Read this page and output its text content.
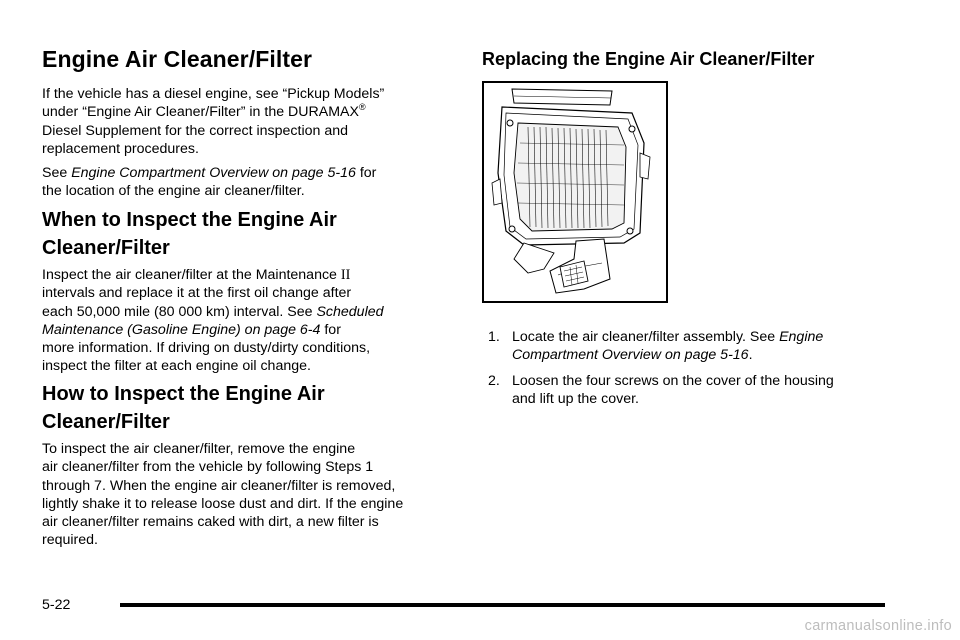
Engine Air Cleaner/Filter
If the vehicle has a diesel engine, see “Pickup Models”
under “Engine Air Cleaner/Filter” in the DURAMAX®
Diesel Supplement for the correct inspection and
replacement procedures.
See Engine Compartment Overview on page 5-16 for
the location of the engine air cleaner/filter.
When to Inspect the Engine Air
Cleaner/Filter
Inspect the air cleaner/filter at the Maintenance II
intervals and replace it at the first oil change after
each 50,000 mile (80 000 km) interval. See Scheduled
Maintenance (Gasoline Engine) on page 6-4 for
more information. If driving on dusty/dirty conditions,
inspect the filter at each engine oil change.
How to Inspect the Engine Air
Cleaner/Filter
To inspect the air cleaner/filter, remove the engine
air cleaner/filter from the vehicle by following Steps 1
through 7. When the engine air cleaner/filter is removed,
lightly shake it to release loose dust and dirt. If the engine
air cleaner/filter remains caked with dirt, a new filter is
required.
Replacing the Engine Air Cleaner/Filter
1. Locate the air cleaner/filter assembly. See Engine
Compartment Overview on page 5-16.
2. Loosen the four screws on the cover of the housing
and lift up the cover.
5-22
carmanualsonline.info
